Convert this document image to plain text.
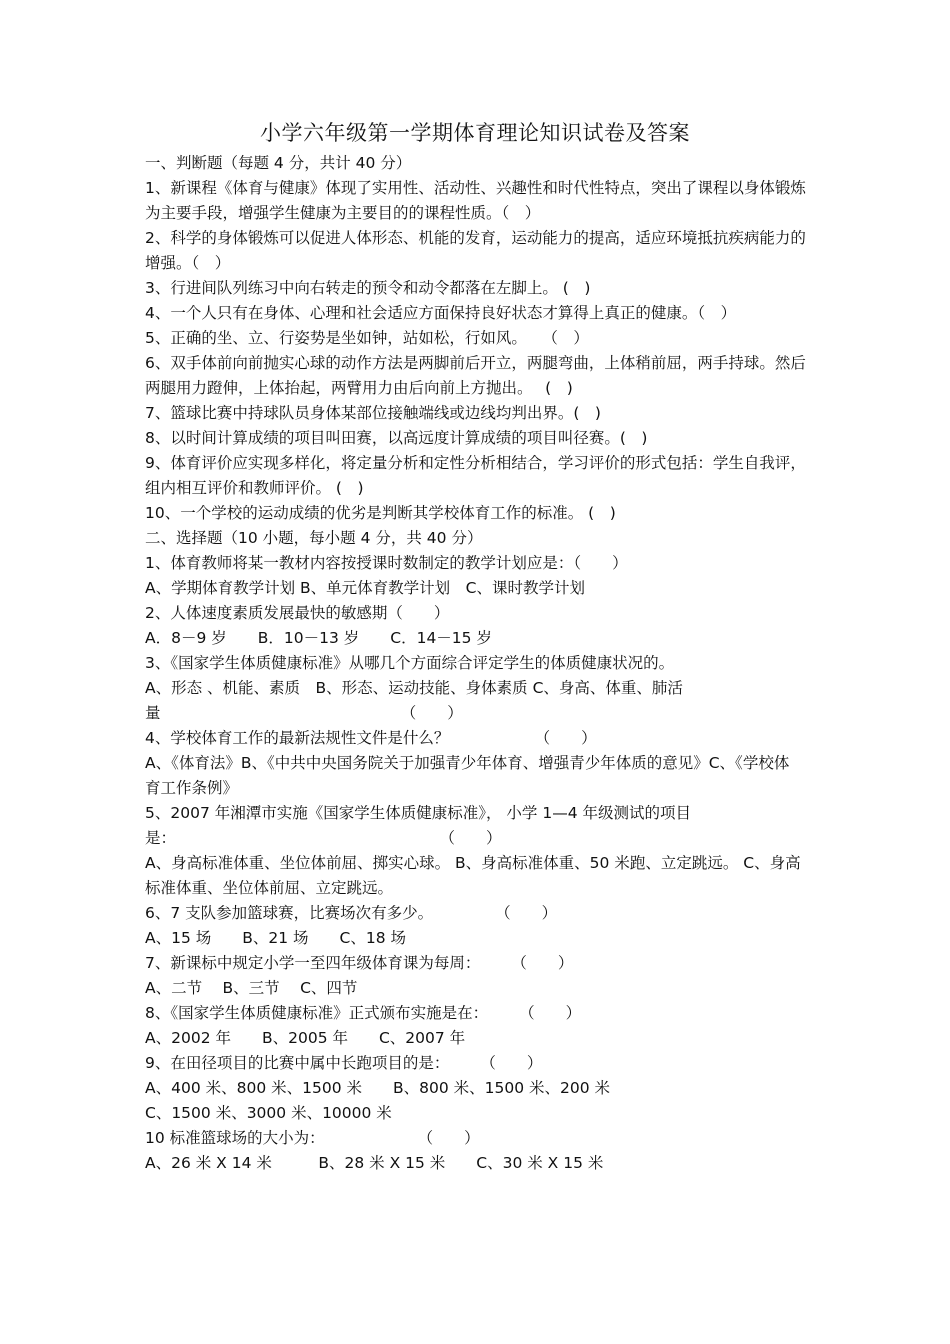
小学六年级第一学期体育理论知识试卷及答案
一、判断题（每题 4 分，共计 40 分）
1、新课程《体育与健康》体现了实用性、活动性、兴趣性和时代性特点，突出了课程以身体锻炼
为主要手段，增强学生健康为主要目的的课程性质。（　）
2、科学的身体锻炼可以促进人体形态、机能的发育，运动能力的提高，适应环境抵抗疾病能力的
增强。（　）
3、行进间队列练习中向右转走的预令和动令都落在左脚上。 (　)
4、一个人只有在身体、心理和社会适应方面保持良好状态才算得上真正的健康。（　）
5、正确的坐、立、行姿势是坐如钟，站如松，行如风。　　（　）
6、双手体前向前抛实心球的动作方法是两脚前后开立，两腿弯曲，上体稍前屈，两手持球。然后
两腿用力蹬伸，上体抬起，两臂用力由后向前上方抛出。　 (　)
7、篮球比赛中持球队员身体某部位接触端线或边线均判出界。(　)
8、以时间计算成绩的项目叫田赛，以高远度计算成绩的项目叫径赛。(　)
9、体育评价应实现多样化，将定量分析和定性分析相结合，学习评价的形式包括：学生自我评，
组内相互评价和教师评价。 (　)
10、一个学校的运动成绩的优劣是判断其学校体育工作的标准。 (　)
二、选择题（10 小题，每小题 4 分，共 40 分）
1、体育教师将某一教材内容按授课时数制定的教学计划应是：（　　）
A、学期体育教学计划 B、单元体育教学计划　C、课时教学计划
2、人体速度素质发展最快的敏感期（　　）
A．8－9 岁　　B．10－13 岁　　C．14－15 岁
3、《国家学生体质健康标准》从哪几个方面综合评定学生的体质健康状况的。
A、形态 、机能、素质　B、形态、运动技能、身体素质 C、身高、体重、肺活
量　　　　　　　　　　　　　　　　（　　）
4、学校体育工作的最新法规性文件是什么？　　　　　　（　　）
A、《体育法》B、《中共中央国务院关于加强青少年体育、增强青少年体质的意见》C、《学校体
育工作条例》
5、2007 年湘潭市实施《国家学生体质健康标准》， 小学 1—4 年级测试的项目
是：　　　　　　　　　　　　　　　　　　（　　）
A、身高标准体重、坐位体前屈、掷实心球。 B、身高标准体重、50 米跑、立定跳远。 C、身高
标准体重、坐位体前屈、立定跳远。
6、7 支队参加篮球赛，比赛场次有多少。　　　　　（　　）
A、15 场　　B、21 场　　C、18 场
7、新课标中规定小学一至四年级体育课为每周：　　　（　　）
A、二节　 B、三节　 C、四节
8、《国家学生体质健康标准》正式颁布实施是在：　　　（　　）
A、2002 年　　B、2005 年　　C、2007 年
9、在田径项目的比赛中属中长跑项目的是：　　　（　　）
A、400 米、800 米、1500 米　　B、800 米、1500 米、200 米
C、1500 米、3000 米、10000 米
10 标准篮球场的大小为：　　　　　　　（　　）
A、26 米 X 14 米　　　B、28 米 X 15 米　　C、30 米 X 15 米
